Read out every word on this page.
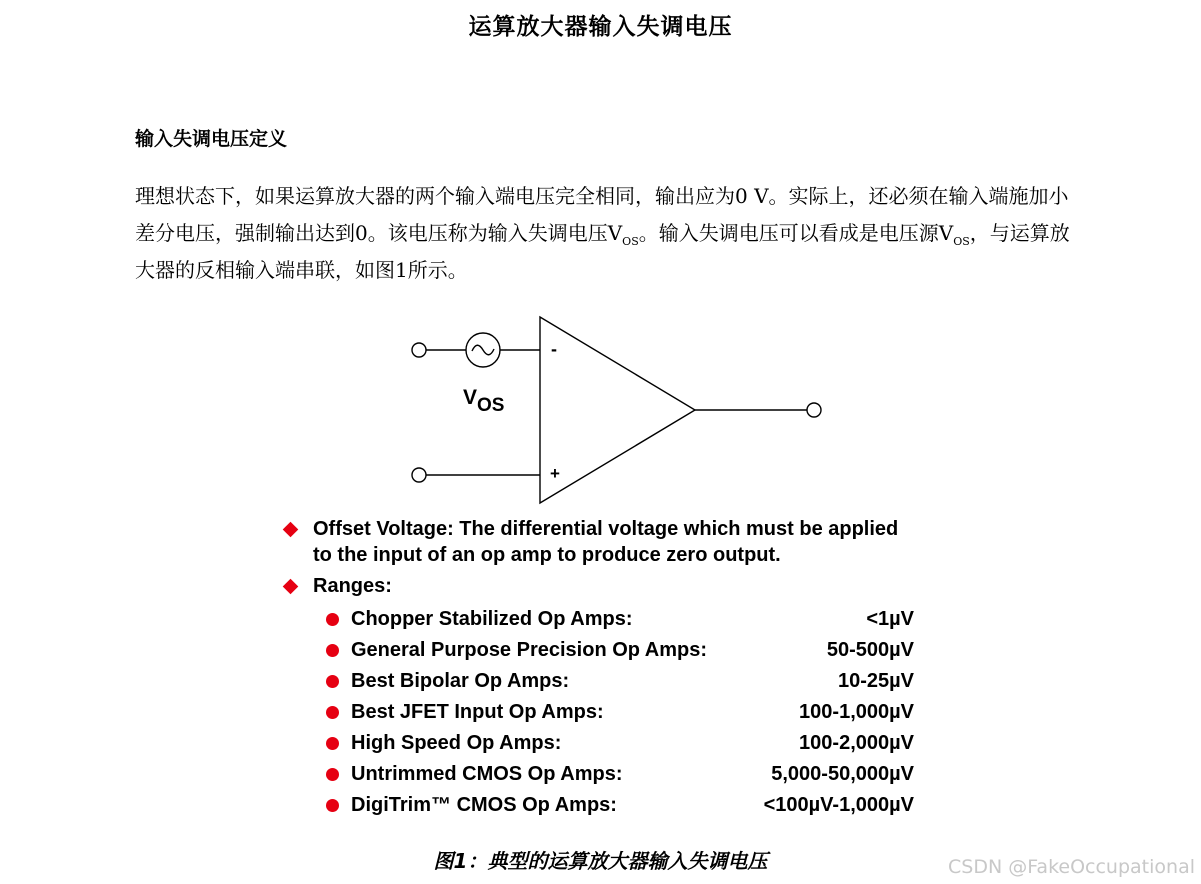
运算放大器输入失调电压
输入失调电压定义
理想状态下，如果运算放大器的两个输入端电压完全相同，输出应为0 V。实际上，还必须在输入端施加小差分电压，强制输出达到0。该电压称为输入失调电压$V_{OS}$。输入失调电压可以看成是电压源$V_{OS}$，与运算放大器的反相输入端串联，如图1所示。
-
+
V OS
Offset Voltage: The differential voltage which must be applied to the input of an op amp to produce zero output.
Ranges:
Chopper Stabilized Op Amps:	<1µV
General Purpose Precision Op Amps:	50-500µV
Best Bipolar Op Amps:	10-25µV
Best JFET Input Op Amps:	100-1,000µV
High Speed Op Amps:	100-2,000µV
Untrimmed CMOS Op Amps:	5,000-50,000µV
DigiTrim™ CMOS Op Amps:	<100µV-1,000µV
图1：典型的运算放大器输入失调电压	CSDN @FakeOccupational
